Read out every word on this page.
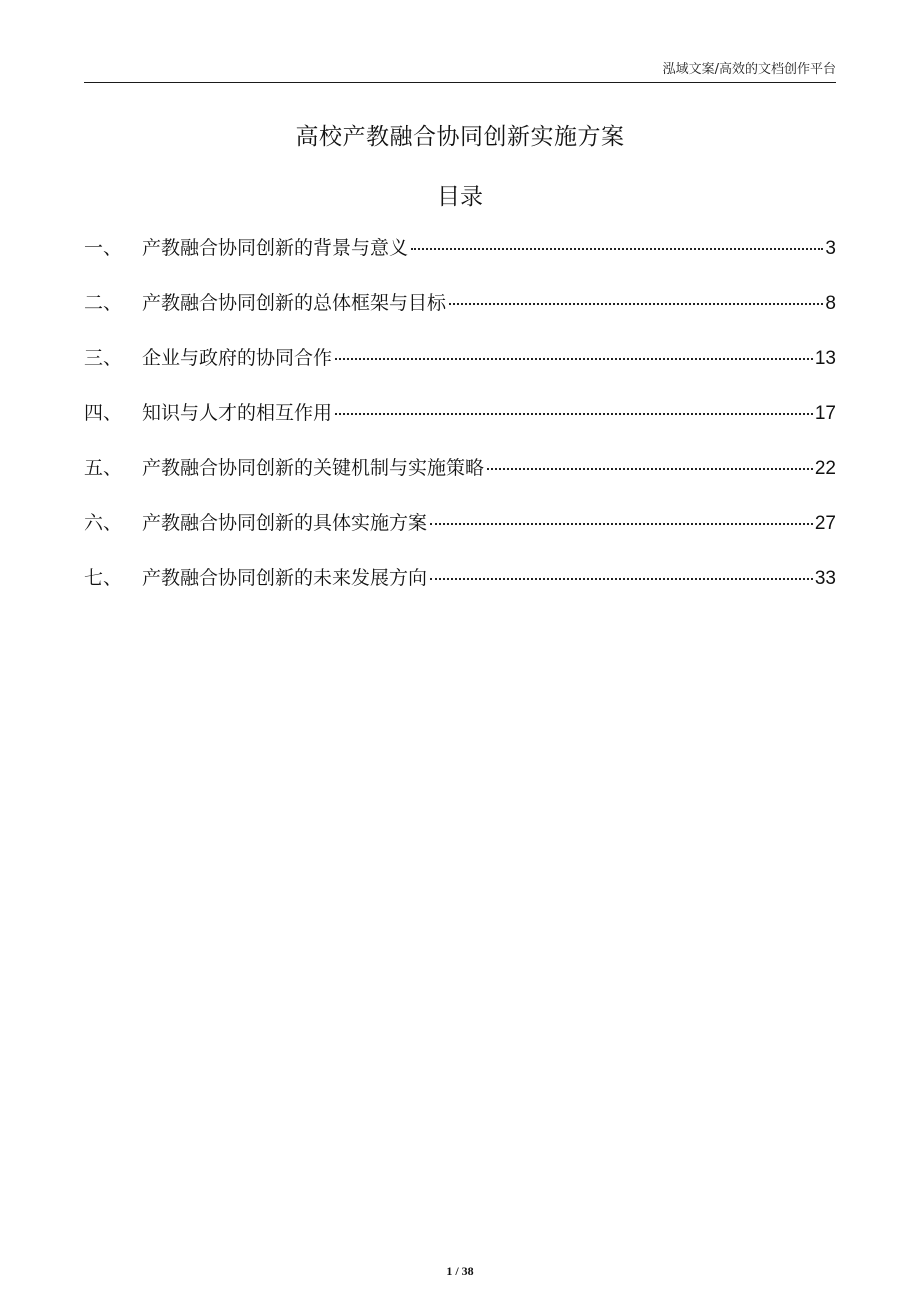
泓域文案/高效的文档创作平台
高校产教融合协同创新实施方案
目录
一、	产教融合协同创新的背景与意义	3
二、	产教融合协同创新的总体框架与目标	8
三、	企业与政府的协同合作	13
四、	知识与人才的相互作用	17
五、	产教融合协同创新的关键机制与实施策略	22
六、	产教融合协同创新的具体实施方案	27
七、	产教融合协同创新的未来发展方向	33
1 / 38
